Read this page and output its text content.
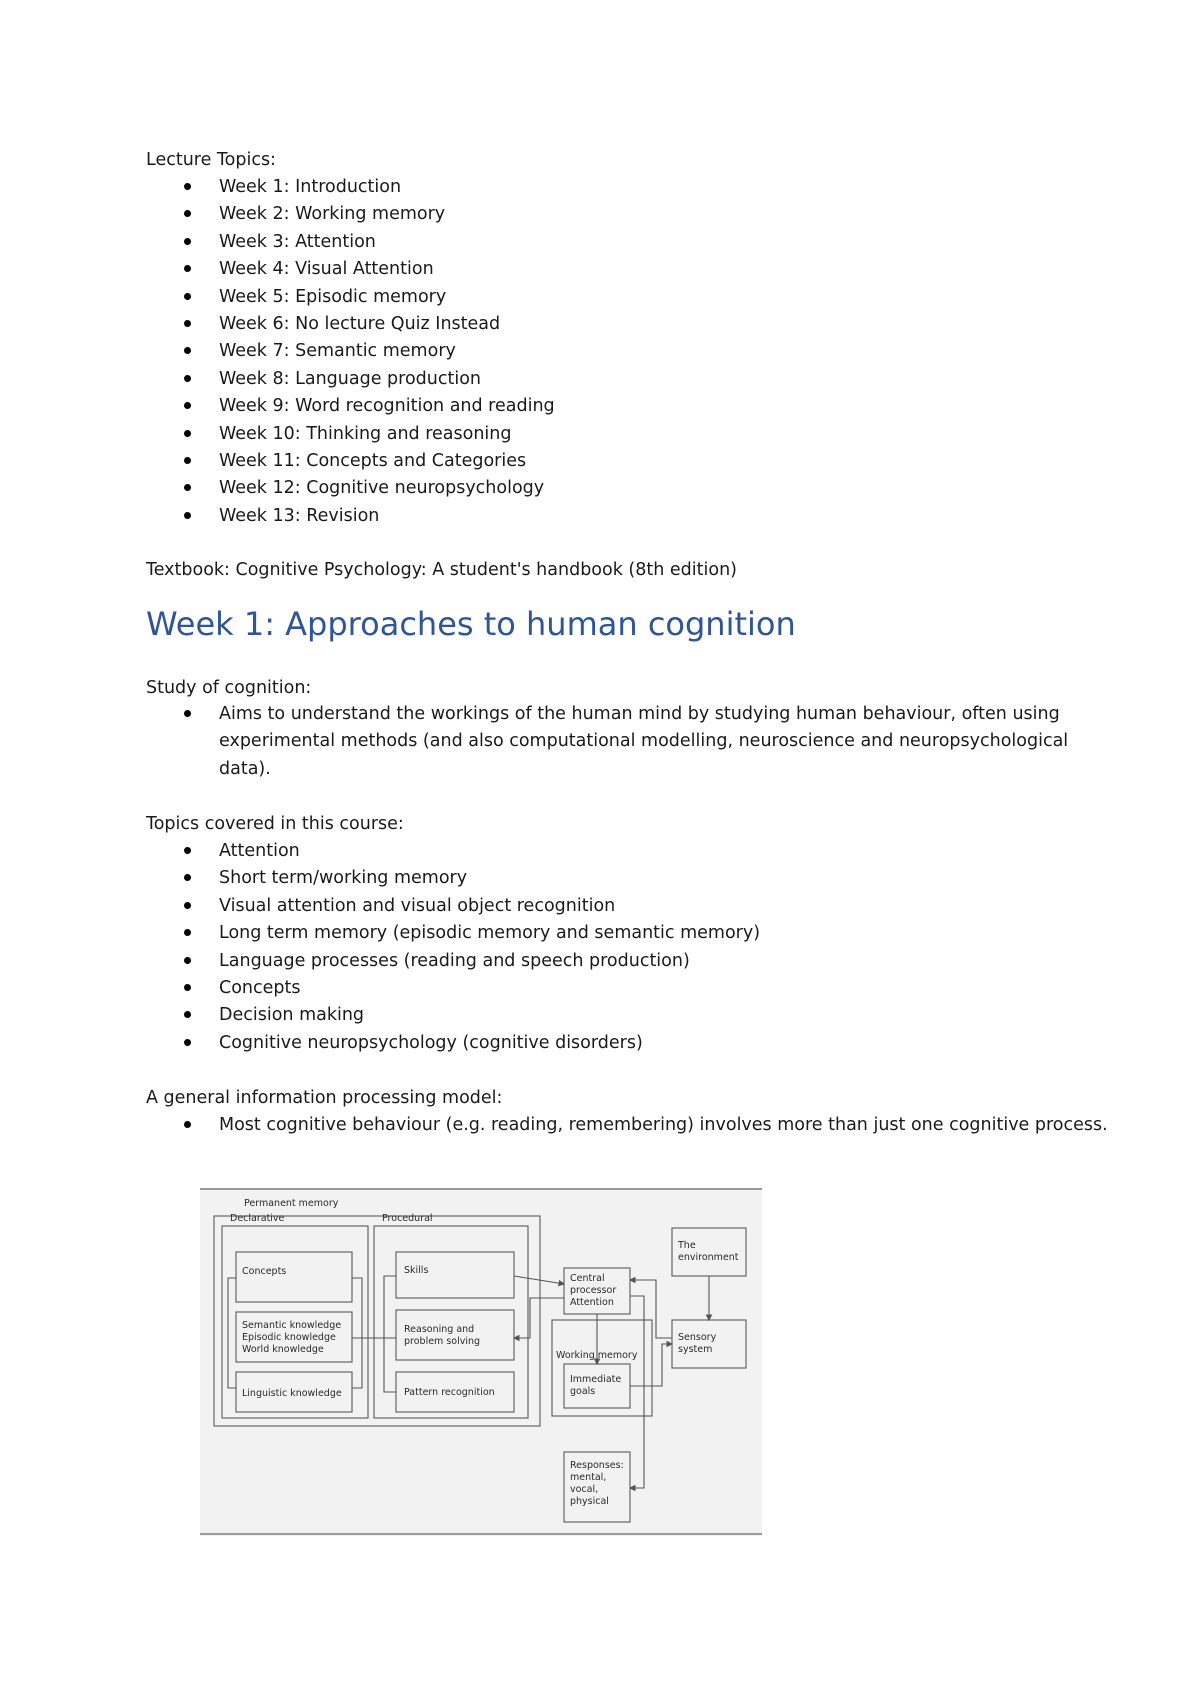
Lecture Topics:

Week 1: Introduction
Week 2: Working memory
Week 3: Attention
Week 4: Visual Attention
Week 5: Episodic memory
Week 6: No lecture Quiz Instead
Week 7: Semantic memory
Week 8: Language production
Week 9: Word recognition and reading
Week 10: Thinking and reasoning
Week 11: Concepts and Categories
Week 12: Cognitive neuropsychology
Week 13: Revision

Textbook: Cognitive Psychology: A student's handbook (8th edition)

Week 1: Approaches to human cognition

Study of cognition:

Aims to understand the workings of the human mind by studying human behaviour, often using experimental methods (and also computational modelling, neuroscience and neuropsychological data).

Topics covered in this course:

Attention
Short term/working memory
Visual attention and visual object recognition
Long term memory (episodic memory and semantic memory)
Language processes (reading and speech production)
Concepts
Decision making
Cognitive neuropsychology (cognitive disorders)

A general information processing model:

Most cognitive behaviour (e.g. reading, remembering) involves more than just one cognitive process.
Permanent memory
Declarative	Procedural
Concepts
Semantic knowledge
Episodic knowledge
World knowledge
Linguistic knowledge
Skills
Reasoning and
problem solving
Pattern recognition
Central
processor
Attention
Working memory
Immediate
goals
The
environment
Sensory
system
Responses:
mental,
vocal,
physical
